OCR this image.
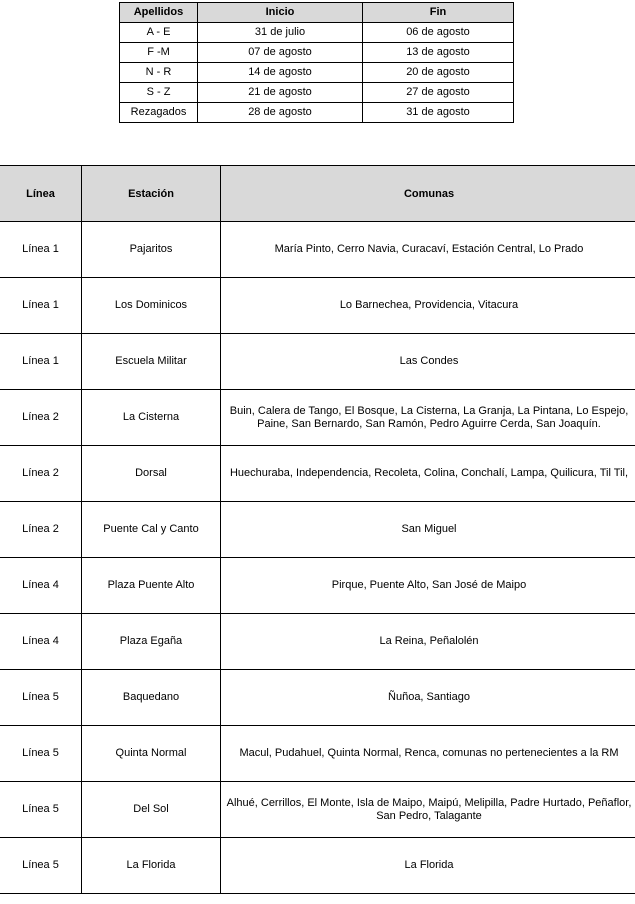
Apellidos	Inicio	Fin
A - E	31 de julio	06 de agosto
F -M	07 de agosto	13 de agosto
N - R	14 de agosto	20 de agosto
S - Z	21 de agosto	27 de agosto
Rezagados	28 de agosto	31 de agosto
Línea	Estación	Comunas
Línea 1	Pajaritos	María Pinto, Cerro Navia, Curacaví, Estación Central, Lo Prado
Línea 1	Los Dominicos	Lo Barnechea, Providencia, Vitacura
Línea 1	Escuela Militar	Las Condes
Línea 2	La Cisterna	Buin, Calera de Tango, El Bosque, La Cisterna, La Granja, La Pintana, Lo Espejo, Paine, San Bernardo, San Ramón, Pedro Aguirre Cerda, San Joaquín.
Línea 2	Dorsal	Huechuraba, Independencia, Recoleta, Colina, Conchalí, Lampa, Quilicura, Til Til,
Línea 2	Puente Cal y Canto	San Miguel
Línea 4	Plaza Puente Alto	Pirque, Puente Alto, San José de Maipo
Línea 4	Plaza Egaña	La Reina, Peñalolén
Línea 5	Baquedano	Ñuñoa, Santiago
Línea 5	Quinta Normal	Macul, Pudahuel, Quinta Normal, Renca, comunas no pertenecientes a la RM
Línea 5	Del Sol	Alhué, Cerrillos, El Monte, Isla de Maipo, Maipú, Melipilla, Padre Hurtado, Peñaflor, San Pedro, Talagante
Línea 5	La Florida	La Florida
